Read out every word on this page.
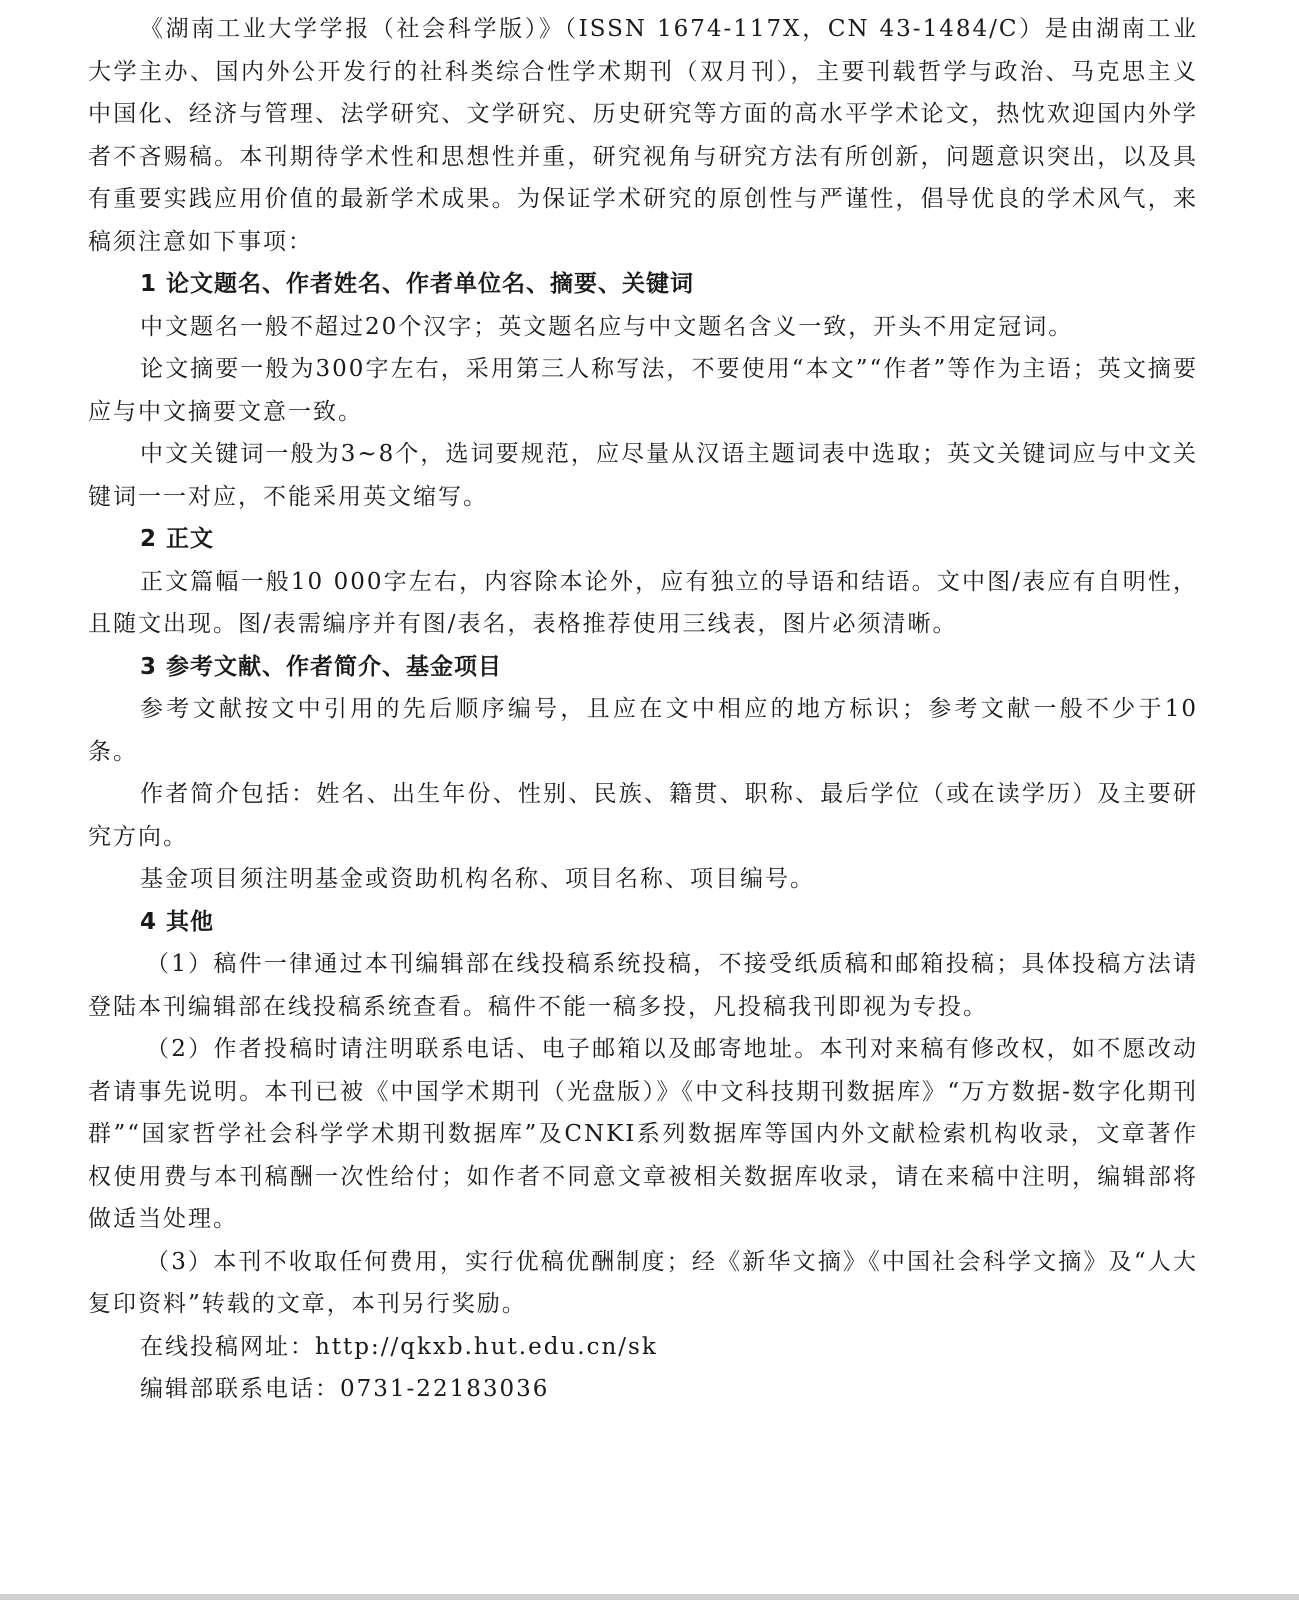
《湖南工业大学学报（社会科学版）》（ISSN 1674-117X，CN 43-1484/C）是由湖南工业大学主办、国内外公开发行的社科类综合性学术期刊（双月刊），主要刊载哲学与政治、马克思主义中国化、经济与管理、法学研究、文学研究、历史研究等方面的高水平学术论文，热忱欢迎国内外学者不吝赐稿。本刊期待学术性和思想性并重，研究视角与研究方法有所创新，问题意识突出，以及具有重要实践应用价值的最新学术成果。为保证学术研究的原创性与严谨性，倡导优良的学术风气，来稿须注意如下事项：

1 论文题名、作者姓名、作者单位名、摘要、关键词

中文题名一般不超过20个汉字；英文题名应与中文题名含义一致，开头不用定冠词。

论文摘要一般为300字左右，采用第三人称写法，不要使用“本文”“作者”等作为主语；英文摘要应与中文摘要文意一致。

中文关键词一般为3~8个，选词要规范，应尽量从汉语主题词表中选取；英文关键词应与中文关键词一一对应，不能采用英文缩写。

2 正文

正文篇幅一般10 000字左右，内容除本论外，应有独立的导语和结语。文中图/表应有自明性，且随文出现。图/表需编序并有图/表名，表格推荐使用三线表，图片必须清晰。

3 参考文献、作者简介、基金项目

参考文献按文中引用的先后顺序编号，且应在文中相应的地方标识；参考文献一般不少于10条。

作者简介包括：姓名、出生年份、性别、民族、籍贯、职称、最后学位（或在读学历）及主要研究方向。

基金项目须注明基金或资助机构名称、项目名称、项目编号。

4 其他

（1）稿件一律通过本刊编辑部在线投稿系统投稿，不接受纸质稿和邮箱投稿；具体投稿方法请登陆本刊编辑部在线投稿系统查看。稿件不能一稿多投，凡投稿我刊即视为专投。

（2）作者投稿时请注明联系电话、电子邮箱以及邮寄地址。本刊对来稿有修改权，如不愿改动者请事先说明。本刊已被《中国学术期刊（光盘版）》《中文科技期刊数据库》“万方数据-数字化期刊群”“国家哲学社会科学学术期刊数据库”及CNKI系列数据库等国内外文献检索机构收录，文章著作权使用费与本刊稿酬一次性给付；如作者不同意文章被相关数据库收录，请在来稿中注明，编辑部将做适当处理。

（3）本刊不收取任何费用，实行优稿优酬制度；经《新华文摘》《中国社会科学文摘》及“人大复印资料”转载的文章，本刊另行奖励。

在线投稿网址：http://qkxb.hut.edu.cn/sk

编辑部联系电话：0731-22183036
